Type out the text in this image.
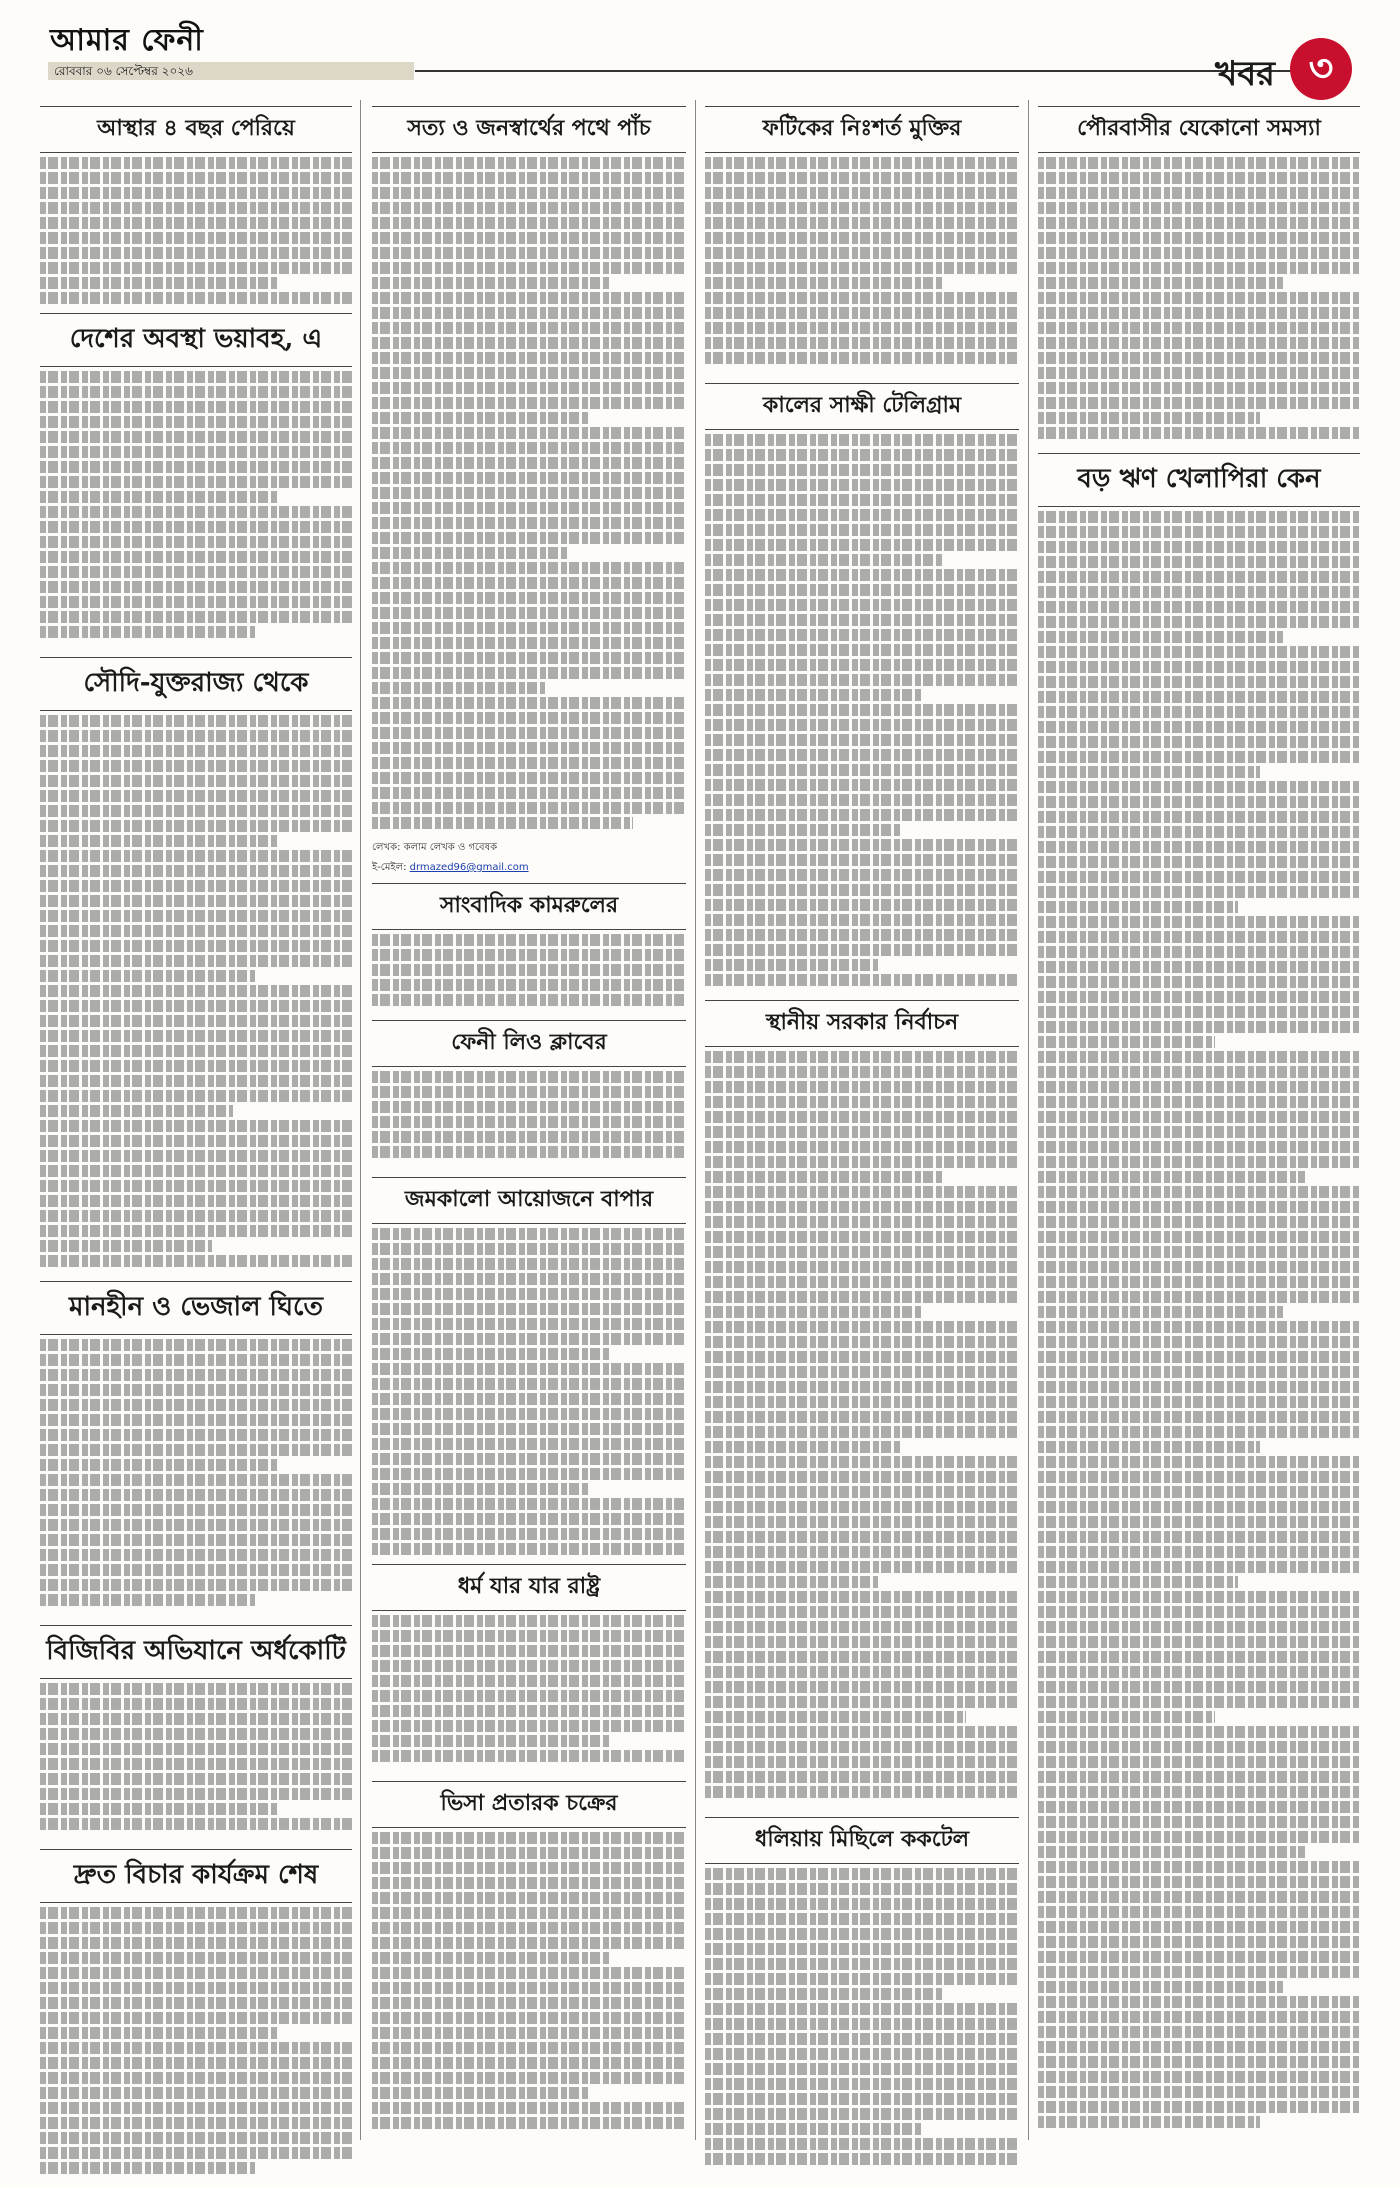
আমার ফেনী
রোববার ০৬ সেপ্টেম্বর ২০২৬	খবর ৩
আস্থার ৪ বছর পেরিয়ে
দেশের অবস্থা ভয়াবহ, এ
সৌদি-যুক্তরাজ্য থেকে
মানহীন ও ভেজাল ঘিতে
বিজিবির অভিযানে অর্ধকোটি
দ্রুত বিচার কার্যক্রম শেষ
সত্য ও জনস্বার্থের পথে পাঁচ
লেখক: কলাম লেখক ও গবেষক
ই-মেইল: drmazed96@gmail.com
সাংবাদিক কামরুলের
ফেনী লিও ক্লাবের
জমকালো আয়োজনে বাপার
ধর্ম যার যার রাষ্ট্র
ভিসা প্রতারক চক্রের
ফটিকের নিঃশর্ত মুক্তির
কালের সাক্ষী টেলিগ্রাম
স্থানীয় সরকার নির্বাচন
ধলিয়ায় মিছিলে ককটেল
পৌরবাসীর যেকোনো সমস্যা
বড় ঋণ খেলাপিরা কেন
